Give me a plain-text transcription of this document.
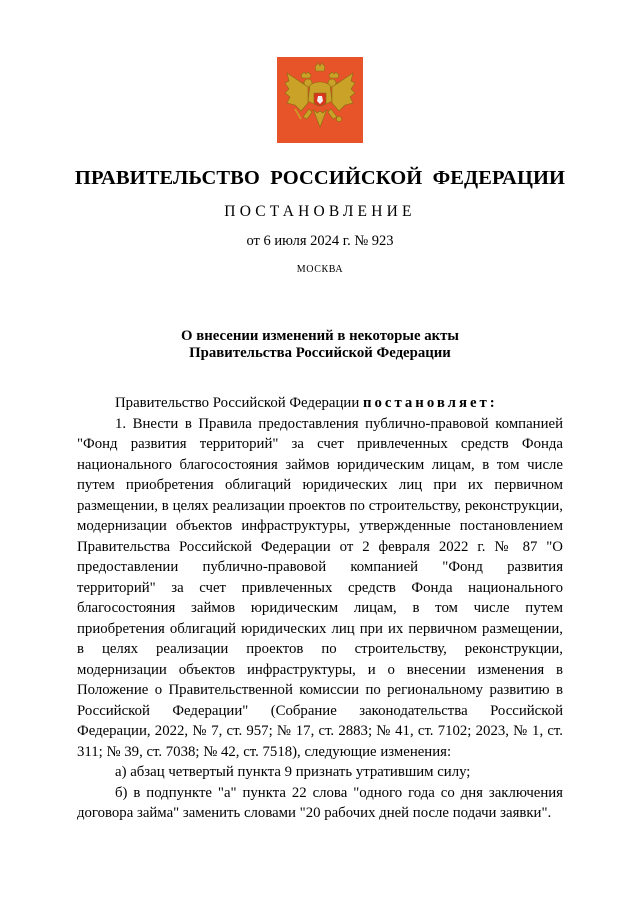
ПРАВИТЕЛЬСТВО РОССИЙСКОЙ ФЕДЕРАЦИИ
ПОСТАНОВЛЕНИЕ
от 6 июля 2024 г. № 923
МОСКВА
О внесении изменений в некоторые акты
Правительства Российской Федерации

Правительство Российской Федерации постановляет:

1. Внести в Правила предоставления публично-правовой компанией "Фонд развития территорий" за счет привлеченных средств Фонда национального благосостояния займов юридическим лицам, в том числе путем приобретения облигаций юридических лиц при их первичном размещении, в целях реализации проектов по строительству, реконструкции, модернизации объектов инфраструктуры, утвержденные постановлением Правительства Российской Федерации от 2 февраля 2022 г. № 87 "О предоставлении публично-правовой компанией "Фонд развития территорий" за счет привлеченных средств Фонда национального благосостояния займов юридическим лицам, в том числе путем приобретения облигаций юридических лиц при их первичном размещении, в целях реализации проектов по строительству, реконструкции, модернизации объектов инфраструктуры, и о внесении изменения в Положение о Правительственной комиссии по региональному развитию в Российской Федерации" (Собрание законодательства Российской Федерации, 2022, № 7, ст. 957; № 17, ст. 2883; № 41, ст. 7102; 2023, № 1, ст. 311; № 39, ст. 7038; № 42, ст. 7518), следующие изменения:

а) абзац четвертый пункта 9 признать утратившим силу;

б) в подпункте "а" пункта 22 слова "одного года со дня заключения договора займа" заменить словами "20 рабочих дней после подачи заявки".
